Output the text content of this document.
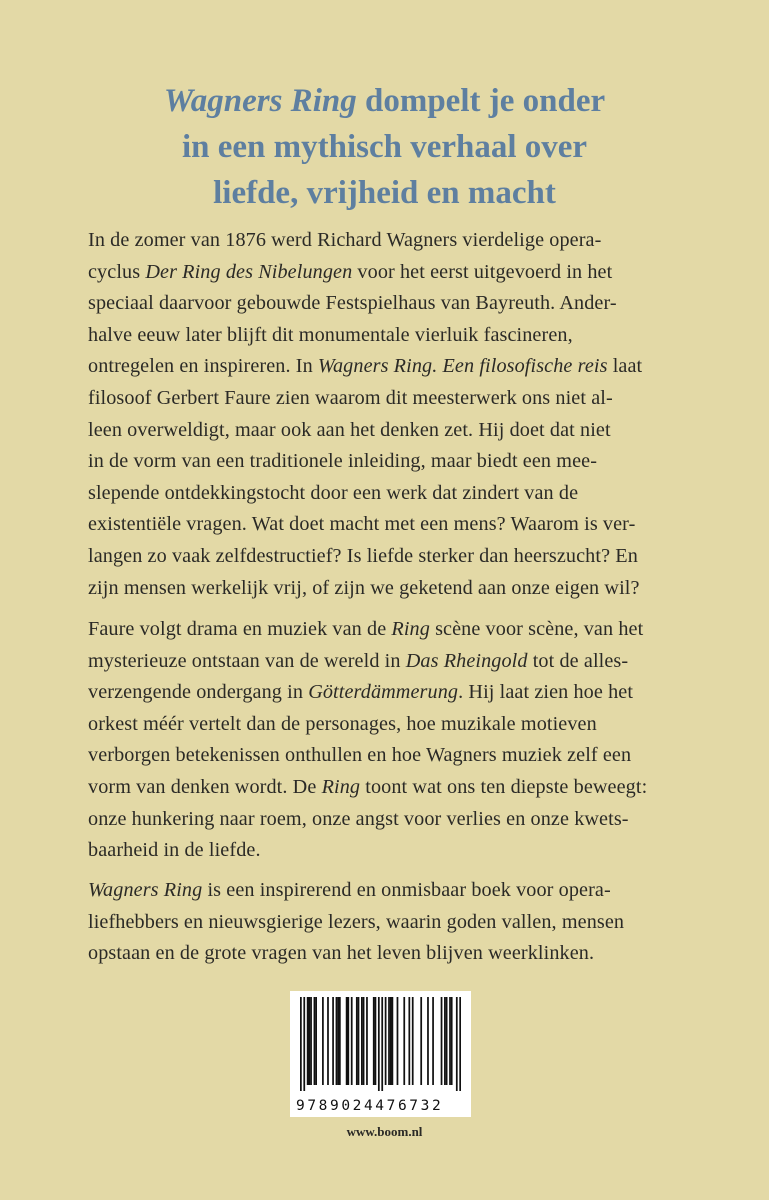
Wagners Ring dompelt je onder
in een mythisch verhaal over
liefde, vrijheid en macht
In de zomer van 1876 werd Richard Wagners vierdelige opera-
cyclus Der Ring des Nibelungen voor het eerst uitgevoerd in het
speciaal daarvoor gebouwde Festspielhaus van Bayreuth. Ander-
halve eeuw later blijft dit monumentale vierluik fascineren,
ontregelen en inspireren. In Wagners Ring. Een filosofische reis laat
filosoof Gerbert Faure zien waarom dit meesterwerk ons niet al-
leen overweldigt, maar ook aan het denken zet. Hij doet dat niet
in de vorm van een traditionele inleiding, maar biedt een mee-
slepende ontdekkingstocht door een werk dat zindert van de
existentiële vragen. Wat doet macht met een mens? Waarom is ver-
langen zo vaak zelfdestructief? Is liefde sterker dan heerszucht? En
zijn mensen werkelijk vrij, of zijn we geketend aan onze eigen wil?
Faure volgt drama en muziek van de Ring scène voor scène, van het
mysterieuze ontstaan van de wereld in Das Rheingold tot de alles-
verzengende ondergang in Götterdämmerung. Hij laat zien hoe het
orkest méér vertelt dan de personages, hoe muzikale motieven
verborgen betekenissen onthullen en hoe Wagners muziek zelf een
vorm van denken wordt. De Ring toont wat ons ten diepste beweegt:
onze hunkering naar roem, onze angst voor verlies en onze kwets-
baarheid in de liefde.
Wagners Ring is een inspirerend en onmisbaar boek voor opera-
liefhebbers en nieuwsgierige lezers, waarin goden vallen, mensen
opstaan en de grote vragen van het leven blijven weerklinken.
9789024476732
www.boom.nl
